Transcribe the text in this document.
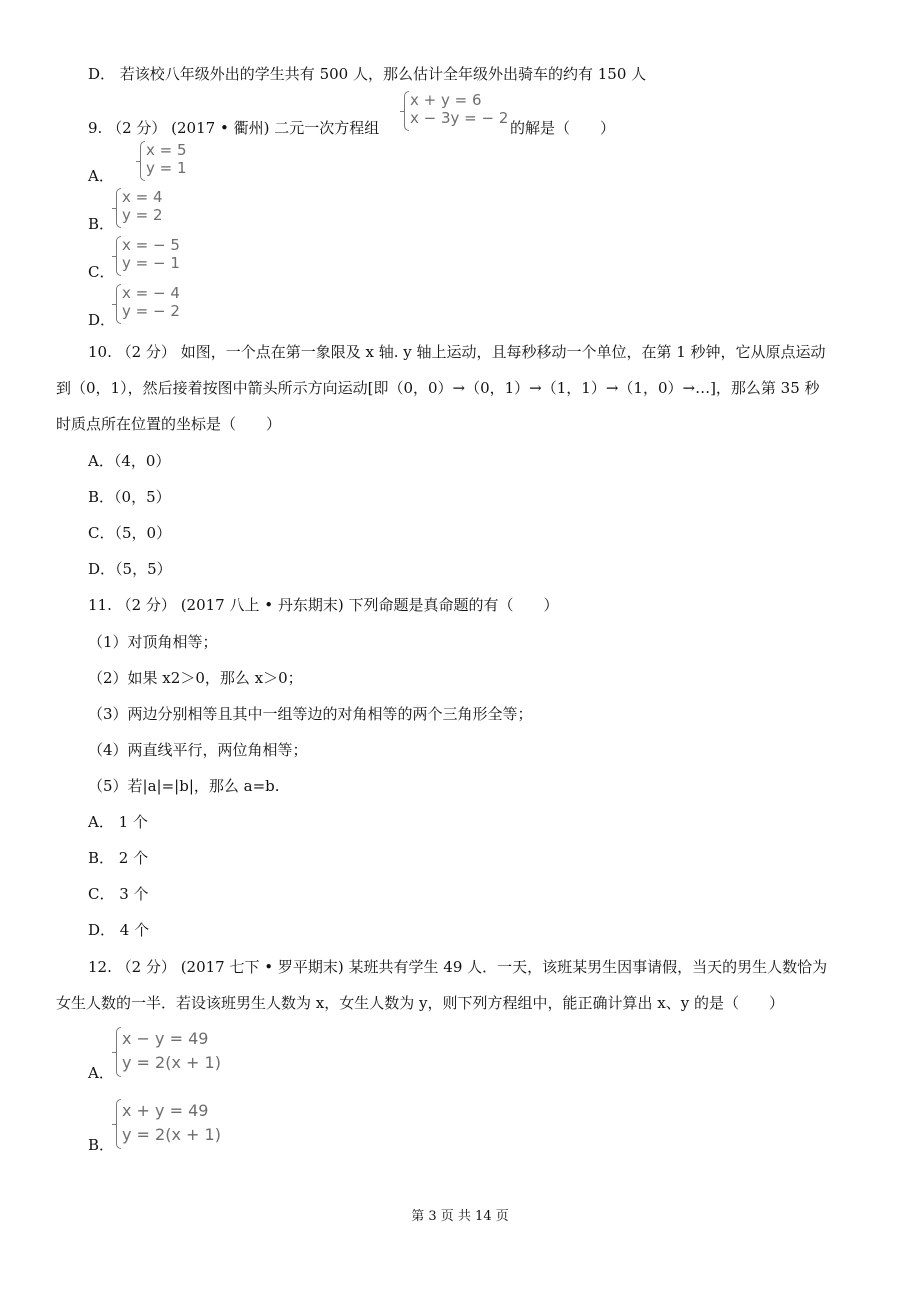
D． 若该校八年级外出的学生共有 500 人，那么估计全年级外出骑车的约有 150 人
9. （2 分） (2017 • 衢州) 二元一次方程组
x + y = 6
x − 3y = − 2
的解是（　　）
A．
x = 5
y = 1
B．
x = 4
y = 2
C．
x = − 5
y = − 1
D．
x = − 4
y = − 2
10. （2 分） 如图，一个点在第一象限及 x 轴. y 轴上运动，且每秒移动一个单位，在第 1 秒钟，它从原点运动
到（0，1），然后接着按图中箭头所示方向运动[即（0，0）→（0，1）→（1，1）→（1，0）→…]，那么第 35 秒
时质点所在位置的坐标是（　　）
A．（4，0）
B．（0，5）
C．（5，0）
D．（5，5）
11. （2 分） (2017 八上 • 丹东期末) 下列命题是真命题的有（　　）
（1）对顶角相等；
（2）如果 x2＞0，那么 x＞0；
（3）两边分别相等且其中一组等边的对角相等的两个三角形全等；
（4）两直线平行，两位角相等；
（5）若|a|=|b|，那么 a=b.
A． 1 个
B． 2 个
C． 3 个
D． 4 个
12. （2 分） (2017 七下 • 罗平期末) 某班共有学生 49 人．一天，该班某男生因事请假，当天的男生人数恰为
女生人数的一半．若设该班男生人数为 x，女生人数为 y，则下列方程组中，能正确计算出 x、y 的是（　　）
A．
x − y = 49
y = 2(x + 1)
B．
x + y = 49
y = 2(x + 1)
第 3 页 共 14 页
